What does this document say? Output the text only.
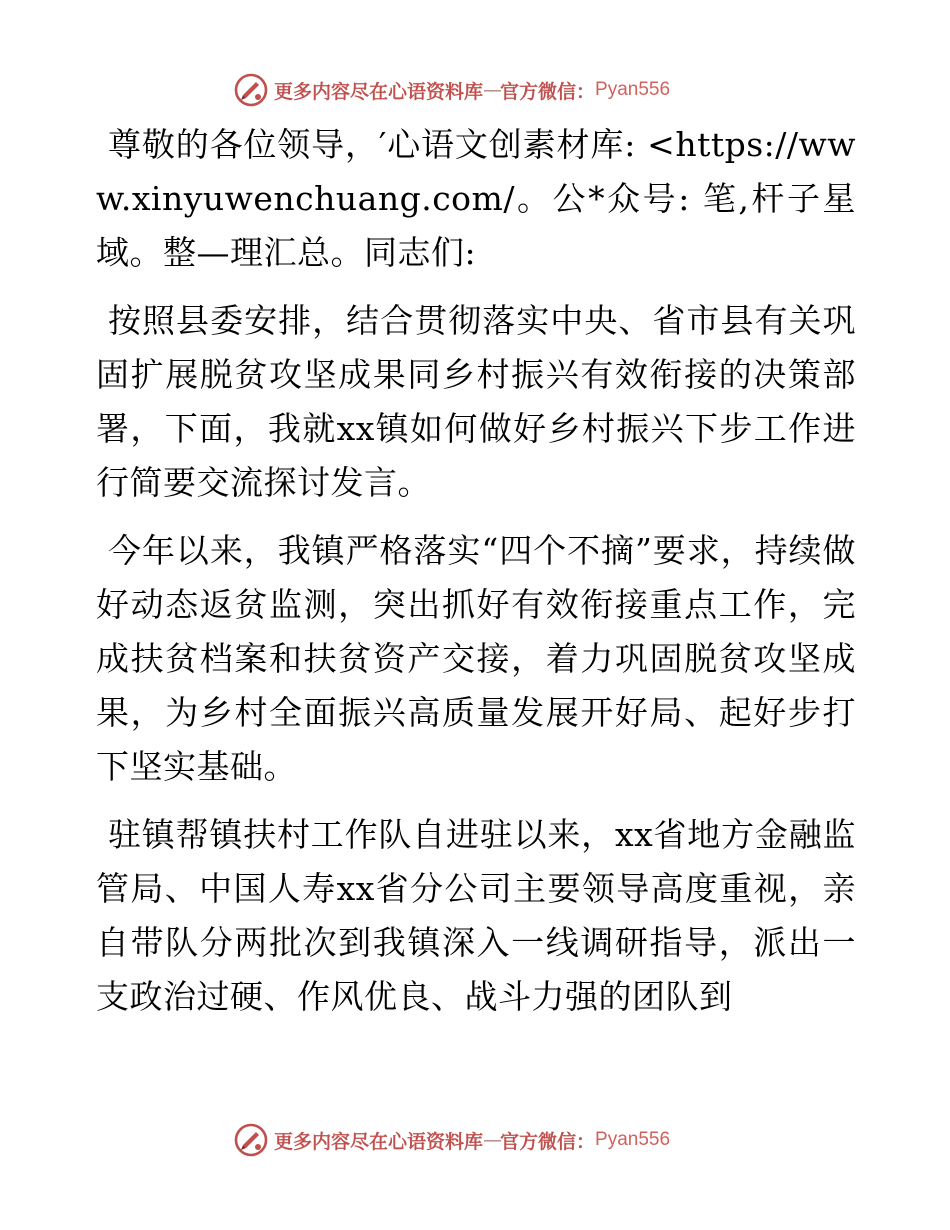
更多内容尽在心语资料库 — 官方微信： Pyan556

尊敬的各位领导，′心语文创素材库: <https://www.xinyuwenchuang.com/。公*众号: 笔,杆子星域。整—理汇总。同志们:

按照县委安排，结合贯彻落实中央、省市县有关巩固扩展脱贫攻坚成果同乡村振兴有效衔接的决策部署，下面，我就xx镇如何做好乡村振兴下步工作进行简要交流探讨发言。

今年以来，我镇严格落实“四个不摘”要求，持续做好动态返贫监测，突出抓好有效衔接重点工作，完成扶贫档案和扶贫资产交接，着力巩固脱贫攻坚成果，为乡村全面振兴高质量发展开好局、起好步打下坚实基础。

驻镇帮镇扶村工作队自进驻以来，xx省地方金融监管局、中国人寿xx省分公司主要领导高度重视，亲自带队分两批次到我镇深入一线调研指导，派出一支政治过硬、作风优良、战斗力强的团队到

更多内容尽在心语资料库 — 官方微信： Pyan556
